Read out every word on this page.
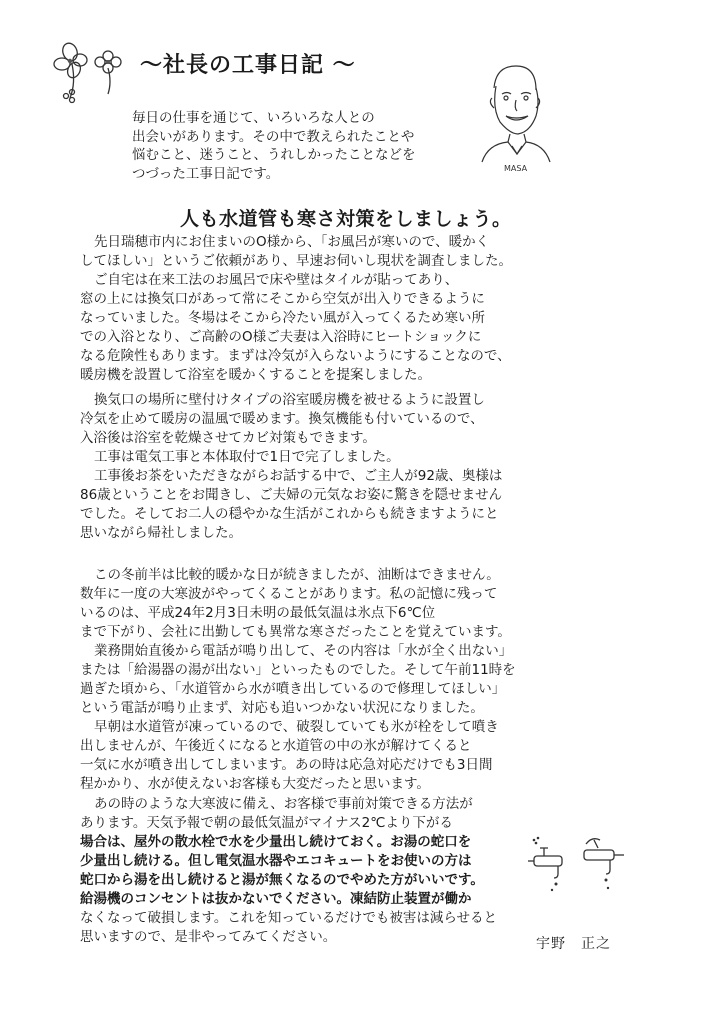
〜社長の工事日記 〜
毎日の仕事を通じて、いろいろな人との
出会いがあります。その中で教えられたことや
悩むこと、迷うこと、うれしかったことなどを
つづった工事日記です。	MASA
人も水道管も寒さ対策をしましょう。
先日瑞穂市内にお住まいのO様から、「お風呂が寒いので、暖かく
してほしい」というご依頼があり、早速お伺いし現状を調査しました。
ご自宅は在来工法のお風呂で床や壁はタイルが貼ってあり、
窓の上には換気口があって常にそこから空気が出入りできるように
なっていました。冬場はそこから冷たい風が入ってくるため寒い所
での入浴となり、ご高齢のO様ご夫妻は入浴時にヒートショックに
なる危険性もあります。まずは冷気が入らないようにすることなので、
暖房機を設置して浴室を暖かくすることを提案しました。
換気口の場所に壁付けタイプの浴室暖房機を被せるように設置し
冷気を止めて暖房の温風で暖めます。換気機能も付いているので、
入浴後は浴室を乾燥させてカビ対策もできます。
工事は電気工事と本体取付で1日で完了しました。
工事後お茶をいただきながらお話する中で、ご主人が92歳、奥様は
86歳ということをお聞きし、ご夫婦の元気なお姿に驚きを隠せません
でした。そしてお二人の穏やかな生活がこれからも続きますようにと
思いながら帰社しました。
この冬前半は比較的暖かな日が続きましたが、油断はできません。
数年に一度の大寒波がやってくることがあります。私の記憶に残って
いるのは、平成24年2月3日未明の最低気温は氷点下6℃位
まで下がり、会社に出勤しても異常な寒さだったことを覚えています。
業務開始直後から電話が鳴り出して、その内容は「水が全く出ない」
または「給湯器の湯が出ない」といったものでした。そして午前11時を
過ぎた頃から、「水道管から水が噴き出しているので修理してほしい」
という電話が鳴り止まず、対応も追いつかない状況になりました。
早朝は水道管が凍っているので、破裂していても氷が栓をして噴き
出しませんが、午後近くになると水道管の中の氷が解けてくると
一気に水が噴き出してしまいます。あの時は応急対応だけでも3日間
程かかり、水が使えないお客様も大変だったと思います。
あの時のような大寒波に備え、お客様で事前対策できる方法が
あります。天気予報で朝の最低気温がマイナス2℃より下がる
場合は、屋外の散水栓で水を少量出し続けておく。お湯の蛇口を
少量出し続ける。但し電気温水器やエコキュートをお使いの方は
蛇口から湯を出し続けると湯が無くなるのでやめた方がいいです。
給湯機のコンセントは抜かないでください。凍結防止装置が働か
なくなって破損します。これを知っているだけでも被害は減らせると
思いますので、是非やってみてください。	宇野　正之
